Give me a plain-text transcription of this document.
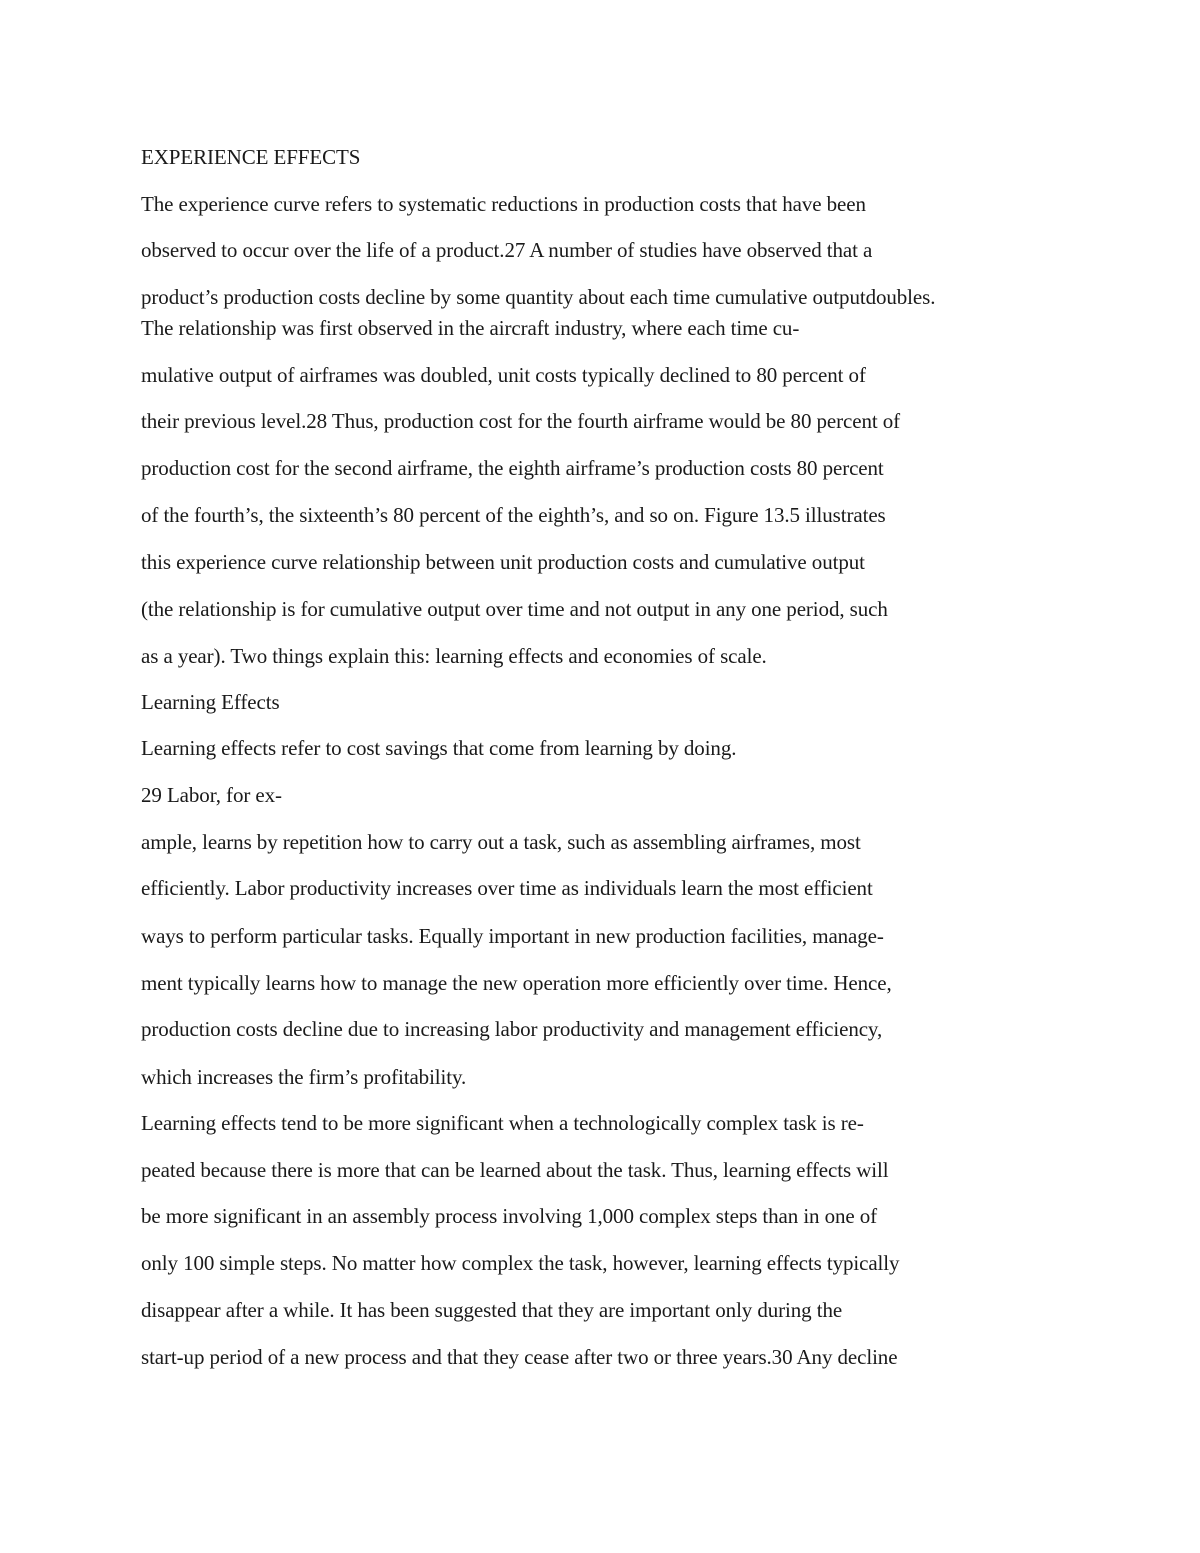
EXPERIENCE EFFECTS
The experience curve refers to systematic reductions in production costs that have been
observed to occur over the life of a product.27 A number of studies have observed that a
product’s production costs decline by some quantity about each time cumulative outputdoubles.
The relationship was first observed in the aircraft industry, where each time cu-
mulative output of airframes was doubled, unit costs typically declined to 80 percent of
their previous level.28 Thus, production cost for the fourth airframe would be 80 percent of
production cost for the second airframe, the eighth airframe’s production costs 80 percent
of the fourth’s, the sixteenth’s 80 percent of the eighth’s, and so on. Figure 13.5 illustrates
this experience curve relationship between unit production costs and cumulative output
(the relationship is for cumulative output over time and not output in any one period, such
as a year). Two things explain this: learning effects and economies of scale.
Learning Effects
Learning effects refer to cost savings that come from learning by doing.
29 Labor, for ex-
ample, learns by repetition how to carry out a task, such as assembling airframes, most
efficiently. Labor productivity increases over time as individuals learn the most efficient
ways to perform particular tasks. Equally important in new production facilities, manage-
ment typically learns how to manage the new operation more efficiently over time. Hence,
production costs decline due to increasing labor productivity and management efficiency,
which increases the firm’s profitability.
Learning effects tend to be more significant when a technologically complex task is re-
peated because there is more that can be learned about the task. Thus, learning effects will
be more significant in an assembly process involving 1,000 complex steps than in one of
only 100 simple steps. No matter how complex the task, however, learning effects typically
disappear after a while. It has been suggested that they are important only during the
start-up period of a new process and that they cease after two or three years.30 Any decline
